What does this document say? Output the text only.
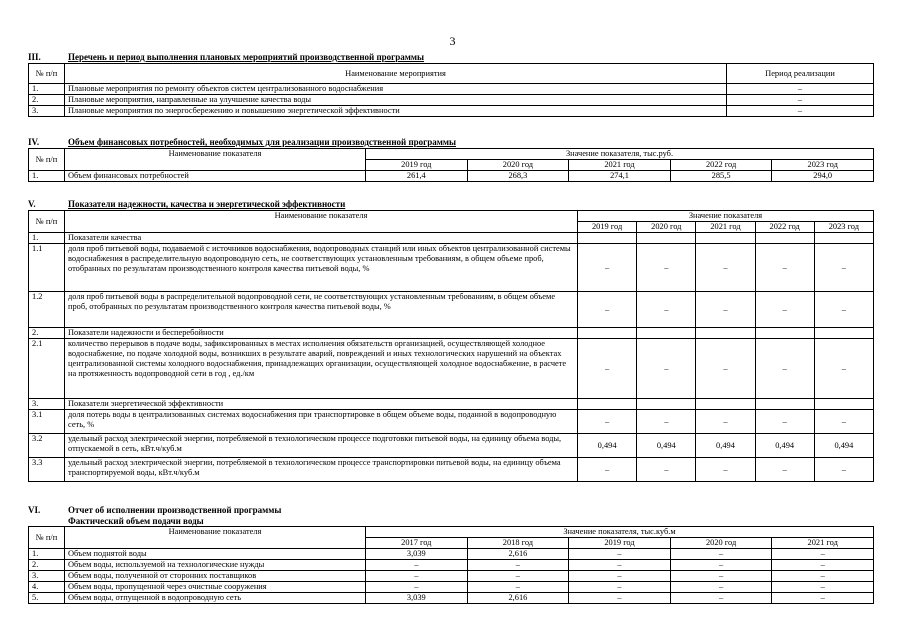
3
III.	Перечень и период выполнения плановых мероприятий производственной программы
№ п/п	Наименование мероприятия	Период реализации
1.	Плановые мероприятия по ремонту объектов систем централизованного водоснабжения	–
2.	Плановые мероприятия, направленные на улучшение качества воды	–
3.	Плановые мероприятия по энергосбережению и повышению энергетической эффективности	–
IV.	Объем финансовых потребностей, необходимых для реализации производственной программы
№ п/п	Наименование показателя	Значение показателя, тыс.руб.				
		2019 год	2020 год	2021 год	2022 год	2023 год
1.	Объем финансовых потребностей	261,4	268,3	274,1	285,5	294,0
V.	Показатели надежности, качества и энергетической эффективности
№ п/п	Наименование показателя	Значение показателя				
		2019 год	2020 год	2021 год	2022 год	2023 год
1.	Показатели качества					
1.1	доля проб питьевой воды, подаваемой с источников водоснабжения, водопроводных станций или иных объектов централизованной системы водоснабжения в распределительную водопроводную сеть, не соответствующих установленным требованиям, в общем объеме проб, отобранных по результатам производственного контроля качества питьевой воды, %	–	–	–	–	–
1.2	доля проб питьевой воды в распределительной водопроводной сети, не соответствующих установленным требованиям, в общем объеме проб, отобранных по результатам производственного контроля качества питьевой воды, %	–	–	–	–	–
2.	Показатели надежности и бесперебойности					
2.1	количество перерывов в подаче воды, зафиксированных в местах исполнения обязательств организацией, осуществляющей холодное водоснабжение, по подаче холодной воды, возникших в результате аварий, повреждений и иных технологических нарушений на объектах централизованной системы холодного водоснабжения, принадлежащих организации, осуществляющей холодное водоснабжение, в расчете на протяженность водопроводной сети в год , ед./км	–	–	–	–	–
3.	Показатели энергетической эффективности					
3.1	доля потерь воды в централизованных системах водоснабжения при транспортировке в общем объеме воды, поданной в водопроводную сеть, %	–	–	–	–	–
3.2	удельный расход электрической энергии, потребляемой в технологическом процессе подготовки питьевой воды, на единицу объема воды, отпускаемой в сеть, кВт.ч/куб.м	0,494	0,494	0,494	0,494	0,494
3.3	удельный расход электрической энергии, потребляемой в технологическом процессе транспортировки питьевой воды, на единицу объема транспортируемой воды, кВт.ч/куб.м	–	–	–	–	–
VI.	Отчет об исполнении производственной программы
Фактический объем подачи воды
№ п/п	Наименование показателя	Значение показателя, тыс.куб.м				
		2017 год	2018 год	2019 год	2020 год	2021 год
1.	Объем поднятой воды	3,039	2,616	–	–	–
2.	Объем воды, используемой на технологические нужды	–	–	–	–	–
3.	Объем воды, полученной от сторонних поставщиков	–	–	–	–	–
4.	Объем воды, пропущенной через очистные сооружения	–	–	–	–	–
5.	Объем воды, отпущенной в водопроводную сеть	3,039	2,616	–	–	–
